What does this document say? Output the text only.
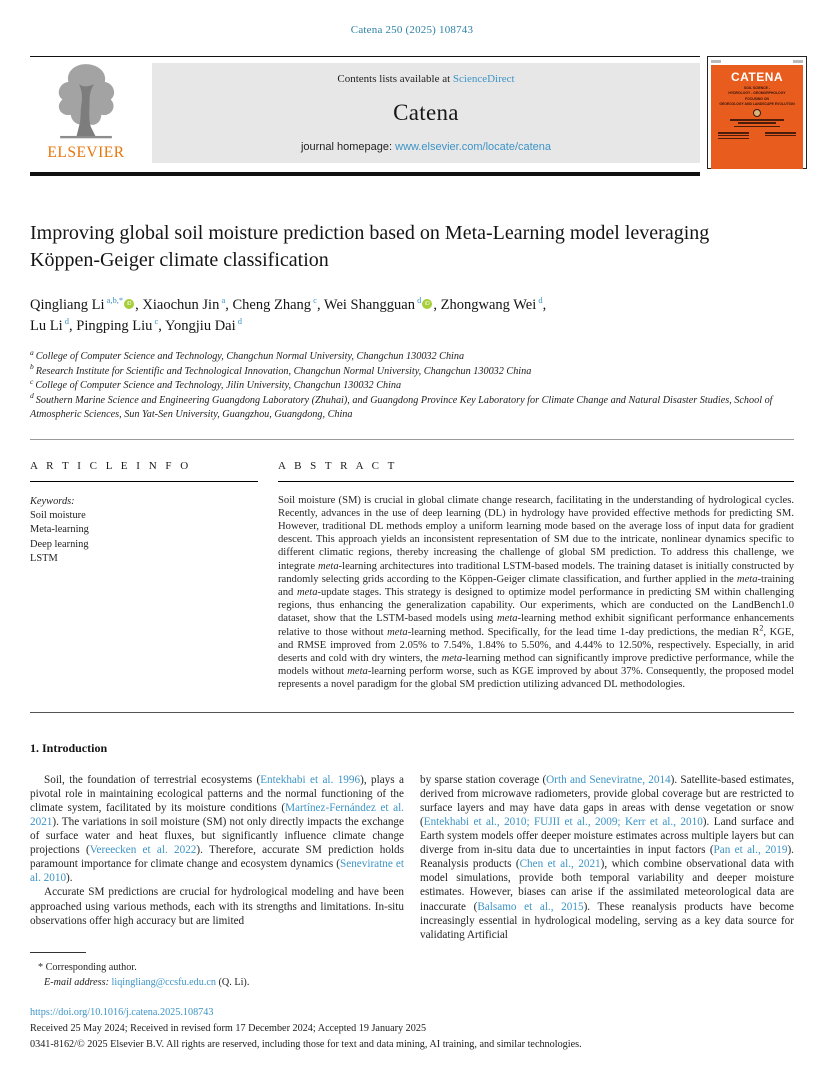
Catena 250 (2025) 108743
ELSEVIER
Contents lists available at ScienceDirect
Catena
journal homepage: www.elsevier.com/locate/catena
CATENA
SOIL SCIENCE -
HYDROLOGY - GEOMORPHOLOGY
FOCUSING ON
GEOECOLOGY AND LANDSCAPE EVOLUTION
Improving global soil moisture prediction based on Meta-Learning model leveraging Köppen-Geiger climate classification
Qingliang Li $^{a,b,*}$ iD , Xiaochun Jin $^a$, Cheng Zhang $^c$, Wei Shangguan $^d$ iD , Zhongwang Wei $^d$,
Lu Li $^d$, Pingping Liu $^c$, Yongjiu Dai $^d$
$^a$ College of Computer Science and Technology, Changchun Normal University, Changchun 130032 China
$^b$ Research Institute for Scientific and Technological Innovation, Changchun Normal University, Changchun 130032 China
$^c$ College of Computer Science and Technology, Jilin University, Changchun 130032 China
$^d$ Southern Marine Science and Engineering Guangdong Laboratory (Zhuhai), and Guangdong Province Key Laboratory for Climate Change and Natural Disaster Studies, School of Atmospheric Sciences, Sun Yat-Sen University, Guangzhou, Guangdong, China
A R T I C L E I N F O
Keywords:
Soil moisture
Meta-learning
Deep learning
LSTM
A B S T R A C T
Soil moisture (SM) is crucial in global climate change research, facilitating in the understanding of hydrological cycles. Recently, advances in the use of deep learning (DL) in hydrology have provided effective methods for predicting SM. However, traditional DL methods employ a uniform learning mode based on the average loss of input data for gradient descent. This approach yields an inconsistent representation of SM due to the intricate, nonlinear dynamics specific to different climatic regions, thereby increasing the challenge of global SM prediction. To address this challenge, we integrate meta-learning architectures into traditional LSTM-based models. The training dataset is initially constructed by randomly selecting grids according to the Köppen-Geiger climate classification, and further applied in the meta-training and meta-update stages. This strategy is designed to optimize model performance in predicting SM within challenging regions, thus enhancing the generalization capability. Our experiments, which are conducted on the LandBench1.0 dataset, show that the LSTM-based models using meta-learning method exhibit significant performance enhancements relative to those without meta-learning method. Specifically, for the lead time 1-day predictions, the median $R^2$, KGE, and RMSE improved from 2.05% to 7.54%, 1.84% to 5.50%, and 4.44% to 12.50%, respectively. Especially, in arid deserts and cold with dry winters, the meta-learning method can significantly improve predictive performance, while the models without meta-learning perform worse, such as KGE improved by about 37%. Consequently, the proposed model represents a novel paradigm for the global SM prediction utilizing advanced DL methodologies.
1. Introduction

Soil, the foundation of terrestrial ecosystems (Entekhabi et al. 1996), plays a pivotal role in maintaining ecological patterns and the normal functioning of the climate system, facilitated by its moisture conditions (Martínez-Fernández et al. 2021). The variations in soil moisture (SM) not only directly impacts the exchange of surface water and heat fluxes, but significantly influence climate change projections (Vereecken et al. 2022). Therefore, accurate SM prediction holds paramount importance for climate change and ecosystem dynamics (Seneviratne et al. 2010).

Accurate SM predictions are crucial for hydrological modeling and have been approached using various methods, each with its strengths and limitations. In-situ observations offer high accuracy but are limited

* Corresponding author.
E-mail address: liqingliang@ccsfu.edu.cn (Q. Li).

by sparse station coverage (Orth and Seneviratne, 2014). Satellite-based estimates, derived from microwave radiometers, provide global coverage but are restricted to surface layers and may have data gaps in areas with dense vegetation or snow (Entekhabi et al., 2010; FUJII et al., 2009; Kerr et al., 2010). Land surface and Earth system models offer deeper moisture estimates across multiple layers but can diverge from in-situ data due to uncertainties in input factors (Pan et al., 2019). Reanalysis products (Chen et al., 2021), which combine observational data with model simulations, provide both temporal variability and deeper moisture estimates. However, biases can arise if the assimilated meteorological data are inaccurate (Balsamo et al., 2015). These reanalysis products have become increasingly essential in hydrological modeling, serving as a key data source for validating Artificial

https://doi.org/10.1016/j.catena.2025.108743
Received 25 May 2024; Received in revised form 17 December 2024; Accepted 19 January 2025
0341-8162/© 2025 Elsevier B.V. All rights are reserved, including those for text and data mining, AI training, and similar technologies.
